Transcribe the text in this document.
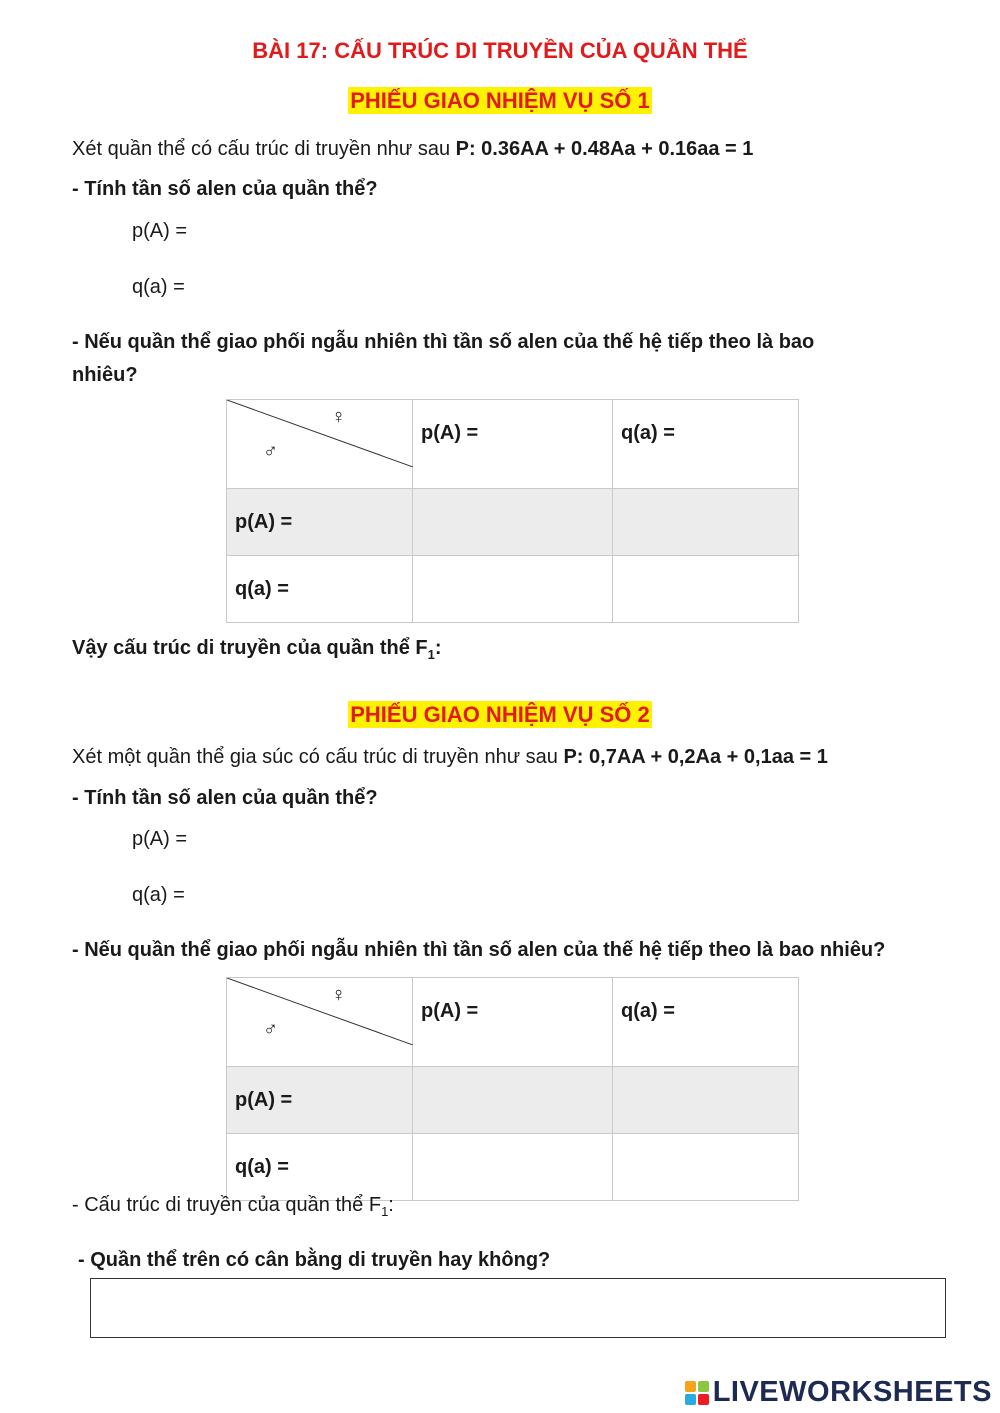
BÀI 17: CẤU TRÚC DI TRUYỀN CỦA QUẦN THỂ
PHIẾU GIAO NHIỆM VỤ SỐ 1
Xét quần thể có cấu trúc di truyền như sau P: 0.36AA + 0.48Aa + 0.16aa = 1
- Tính tần số alen của quần thể?
p(A) =
q(a) =
- Nếu quần thể giao phối ngẫu nhiên thì tần số alen của thế hệ tiếp theo là bao
nhiêu?
♀
♂	p(A) =	q(a) =
p(A) =		
q(a) =		
Vậy cấu trúc di truyền của quần thể $F_1$:
PHIẾU GIAO NHIỆM VỤ SỐ 2
Xét một quần thể gia súc có cấu trúc di truyền như sau P: 0,7AA + 0,2Aa + 0,1aa = 1
- Tính tần số alen của quần thể?
p(A) =
q(a) =
- Nếu quần thể giao phối ngẫu nhiên thì tần số alen của thế hệ tiếp theo là bao nhiêu?
♀
♂	p(A) =	q(a) =
p(A) =		
q(a) =		
- Cấu trúc di truyền của quần thể $F_1$:
- Quần thể trên có cân bằng di truyền hay không?
LIVEWORKSHEETS
